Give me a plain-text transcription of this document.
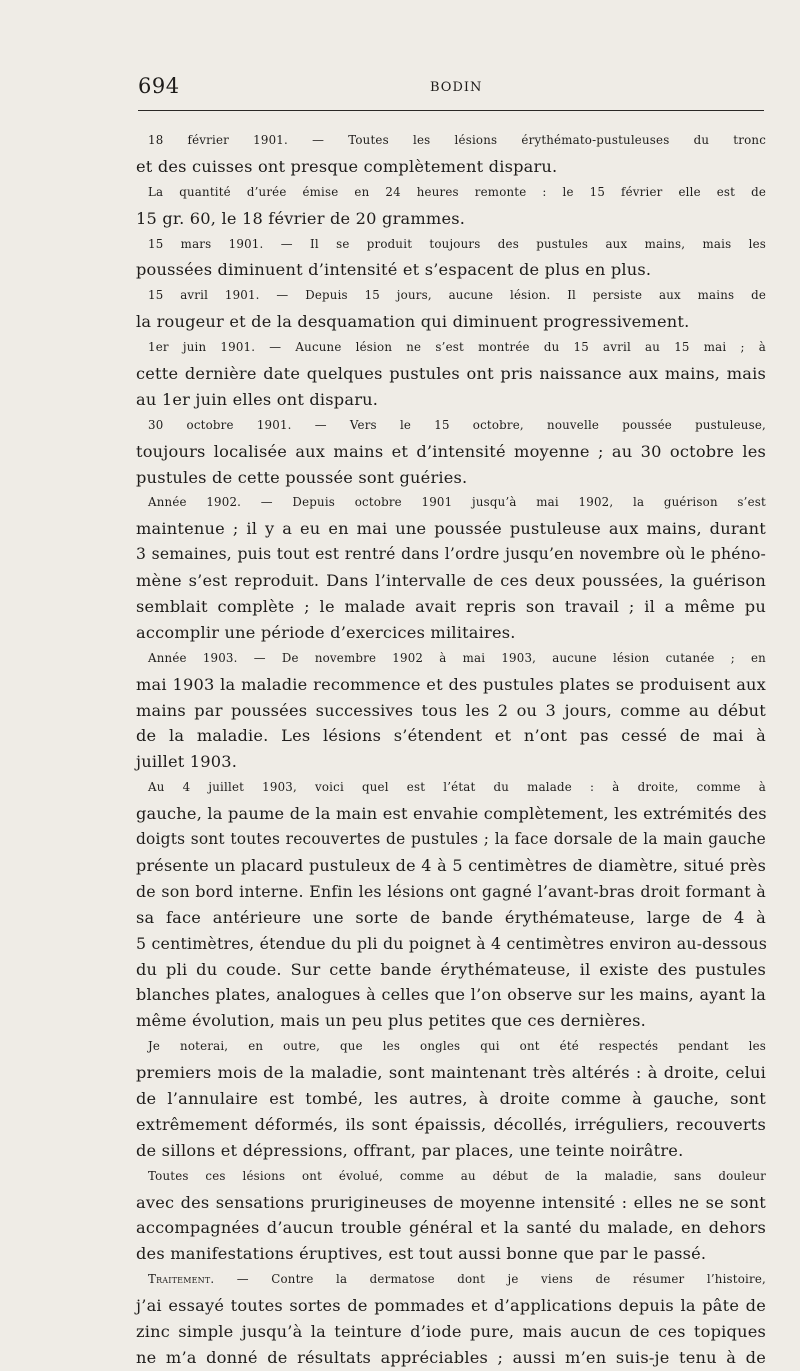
694	BODIN
18 février 1901. — Toutes les lésions érythémato-pustuleuses du tronc
et des cuisses ont presque complètement disparu.
La quantité d’urée émise en 24 heures remonte : le 15 février elle est de
15 gr. 60, le 18 février de 20 grammes.
15 mars 1901. — Il se produit toujours des pustules aux mains, mais les
poussées diminuent d’intensité et s’espacent de plus en plus.
15 avril 1901. — Depuis 15 jours, aucune lésion. Il persiste aux mains de
la rougeur et de la desquamation qui diminuent progressivement.
1er juin 1901. — Aucune lésion ne s’est montrée du 15 avril au 15 mai ; à
cette dernière date quelques pustules ont pris naissance aux mains, mais
au 1er juin elles ont disparu.
30 octobre 1901. — Vers le 15 octobre, nouvelle poussée pustuleuse,
toujours localisée aux mains et d’intensité moyenne ; au 30 octobre les
pustules de cette poussée sont guéries.
Année 1902. — Depuis octobre 1901 jusqu’à mai 1902, la guérison s’est
maintenue ; il y a eu en mai une poussée pustuleuse aux mains, durant
3 semaines, puis tout est rentré dans l’ordre jusqu’en novembre où le phéno-
mène s’est reproduit. Dans l’intervalle de ces deux poussées, la guérison
semblait complète ; le malade avait repris son travail ; il a même pu
accomplir une période d’exercices militaires.
Année 1903. — De novembre 1902 à mai 1903, aucune lésion cutanée ; en
mai 1903 la maladie recommence et des pustules plates se produisent aux
mains par poussées successives tous les 2 ou 3 jours, comme au début
de la maladie. Les lésions s’étendent et n’ont pas cessé de mai à
juillet 1903.
Au 4 juillet 1903, voici quel est l’état du malade : à droite, comme à
gauche, la paume de la main est envahie complètement, les extrémités des
doigts sont toutes recouvertes de pustules ; la face dorsale de la main gauche
présente un placard pustuleux de 4 à 5 centimètres de diamètre, situé près
de son bord interne. Enfin les lésions ont gagné l’avant-bras droit formant à
sa face antérieure une sorte de bande érythémateuse, large de 4 à
5 centimètres, étendue du pli du poignet à 4 centimètres environ au-dessous
du pli du coude. Sur cette bande érythémateuse, il existe des pustules
blanches plates, analogues à celles que l’on observe sur les mains, ayant la
même évolution, mais un peu plus petites que ces dernières.
Je noterai, en outre, que les ongles qui ont été respectés pendant les
premiers mois de la maladie, sont maintenant très altérés : à droite, celui
de l’annulaire est tombé, les autres, à droite comme à gauche, sont
extrêmement déformés, ils sont épaissis, décollés, irréguliers, recouverts
de sillons et dépressions, offrant, par places, une teinte noirâtre.
Toutes ces lésions ont évolué, comme au début de la maladie, sans douleur
avec des sensations prurigineuses de moyenne intensité : elles ne se sont
accompagnées d’aucun trouble général et la santé du malade, en dehors
des manifestations éruptives, est tout aussi bonne que par le passé.
Traitement. — Contre la dermatose dont je viens de résumer l’histoire,
j’ai essayé toutes sortes de pommades et d’applications depuis la pâte de
zinc simple jusqu’à la teinture d’iode pure, mais aucun de ces topiques
ne m’a donné de résultats appréciables ; aussi m’en suis-je tenu à de
